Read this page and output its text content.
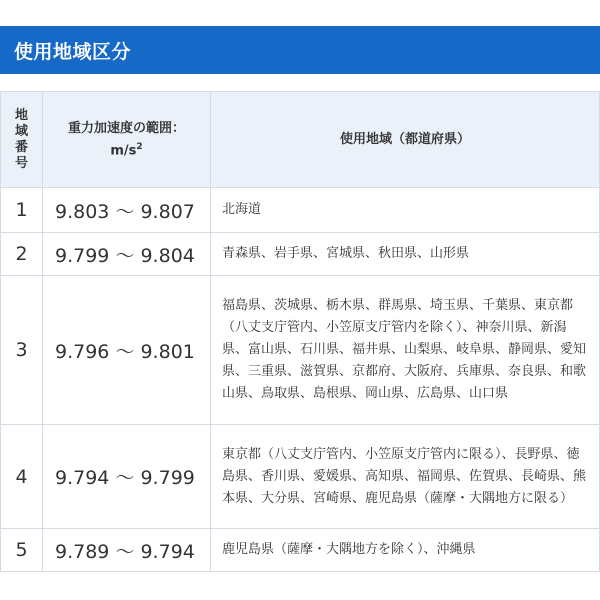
使用地域区分
地域番号	重力加速度の範囲：$m/s^2$	使用地域（都道府県）
1	9.803 ～ 9.807	北海道
2	9.799 ～ 9.804	青森県、岩手県、宮城県、秋田県、山形県
3	9.796 ～ 9.801	福島県、茨城県、栃木県、群馬県、埼玉県、千葉県、東京都（八丈支庁管内、小笠原支庁管内を除く）、神奈川県、新潟県、富山県、石川県、福井県、山梨県、岐阜県、静岡県、愛知県、三重県、滋賀県、京都府、大阪府、兵庫県、奈良県、和歌山県、鳥取県、島根県、岡山県、広島県、山口県
4	9.794 ～ 9.799	東京都（八丈支庁管内、小笠原支庁管内に限る）、長野県、徳島県、香川県、愛媛県、高知県、福岡県、佐賀県、長崎県、熊本県、大分県、宮崎県、鹿児島県（薩摩・大隅地方に限る）
5	9.789 ～ 9.794	鹿児島県（薩摩・大隅地方を除く）、沖縄県
